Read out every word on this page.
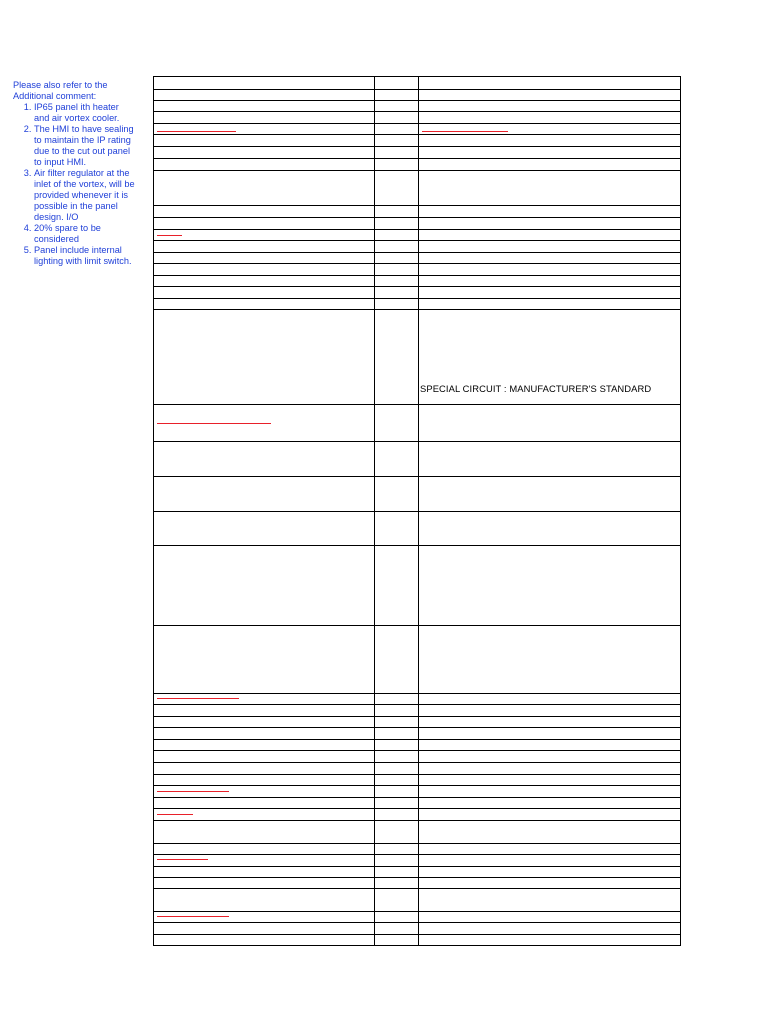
Please also refer to the Additional comment:

1. IP65 panel ith heater and air vortex cooler.
2. The HMI to have sealing to maintain the IP rating due to the cut out panel to input HMI.
3. Air filter regulator at the inlet of the vortex, will be provided whenever it is possible in the panel design. I/O
4. 20% spare to be considered
5. Panel include internal lighting with limit switch.
SPECIAL CIRCUIT : MANUFACTURER'S STANDARD
